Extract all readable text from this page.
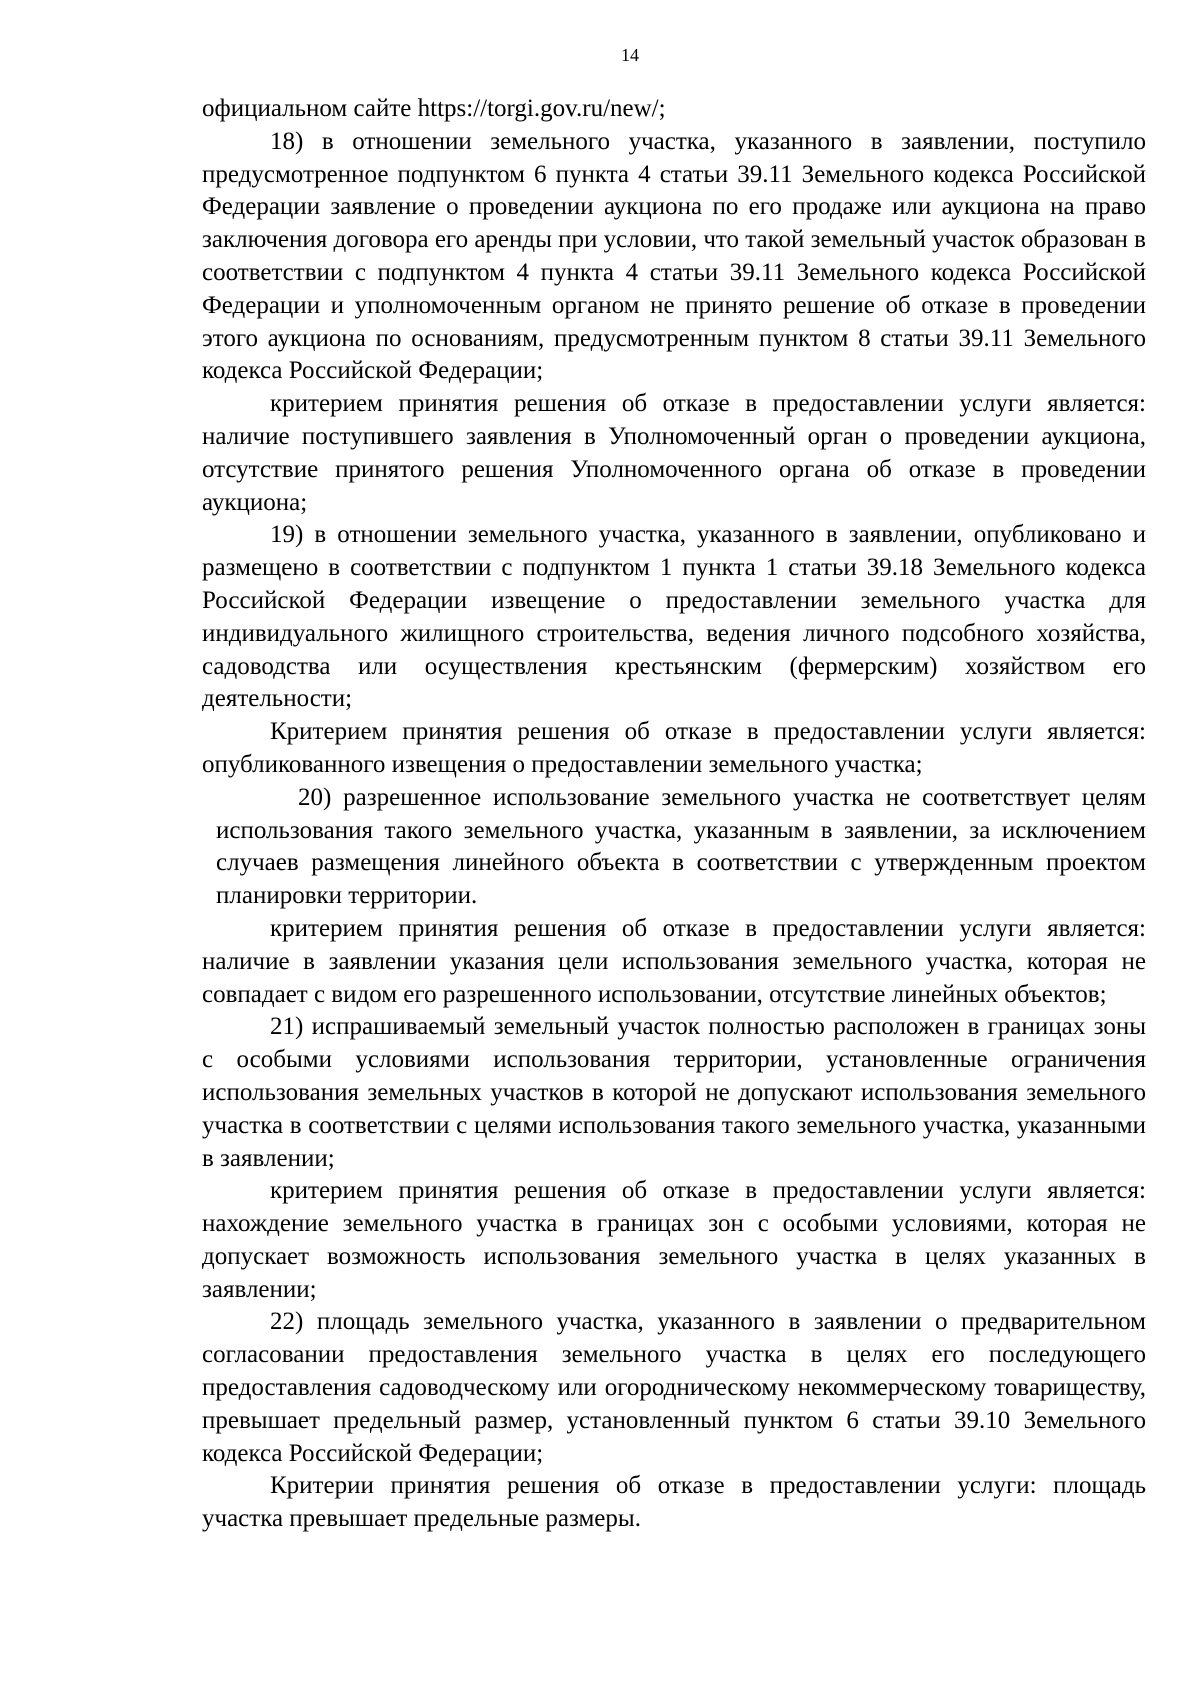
14

официальном сайте https://torgi.gov.ru/new/;

18) в отношении земельного участка, указанного в заявлении, поступило предусмотренное подпунктом 6 пункта 4 статьи 39.11 Земельного кодекса Российской Федерации заявление о проведении аукциона по его продаже или аукциона на право заключения договора его аренды при условии, что такой земельный участок образован в соответствии с подпунктом 4 пункта 4 статьи 39.11 Земельного кодекса Российской Федерации и уполномоченным органом не принято решение об отказе в проведении этого аукциона по основаниям, предусмотренным пунктом 8 статьи 39.11 Земельного кодекса Российской Федерации;

критерием принятия решения об отказе в предоставлении услуги является: наличие поступившего заявления в Уполномоченный орган о проведении аукциона, отсутствие принятого решения Уполномоченного органа об отказе в проведении аукциона;

19) в отношении земельного участка, указанного в заявлении, опубликовано и размещено в соответствии с подпунктом 1 пункта 1 статьи 39.18 Земельного кодекса Российской Федерации извещение о предоставлении земельного участка для индивидуального жилищного строительства, ведения личного подсобного хозяйства, садоводства или осуществления крестьянским (фермерским) хозяйством его деятельности;

Критерием принятия решения об отказе в предоставлении услуги является: опубликованного извещения о предоставлении земельного участка;

20) разрешенное использование земельного участка не соответствует целям использования такого земельного участка, указанным в заявлении, за исключением случаев размещения линейного объекта в соответствии с утвержденным проектом планировки территории.

критерием принятия решения об отказе в предоставлении услуги является: наличие в заявлении указания цели использования земельного участка, которая не совпадает с видом его разрешенного использовании, отсутствие линейных объектов;

21) испрашиваемый земельный участок полностью расположен в границах зоны с особыми условиями использования территории, установленные ограничения использования земельных участков в которой не допускают использования земельного участка в соответствии с целями использования такого земельного участка, указанными в заявлении;

критерием принятия решения об отказе в предоставлении услуги является: нахождение земельного участка в границах зон с особыми условиями, которая не допускает возможность использования земельного участка в целях указанных в заявлении;

22) площадь земельного участка, указанного в заявлении о предварительном согласовании предоставления земельного участка в целях его последующего предоставления садоводческому или огородническому некоммерческому товариществу, превышает предельный размер, установленный пунктом 6 статьи 39.10 Земельного кодекса Российской Федерации;

Критерии принятия решения об отказе в предоставлении услуги: площадь участка превышает предельные размеры.
